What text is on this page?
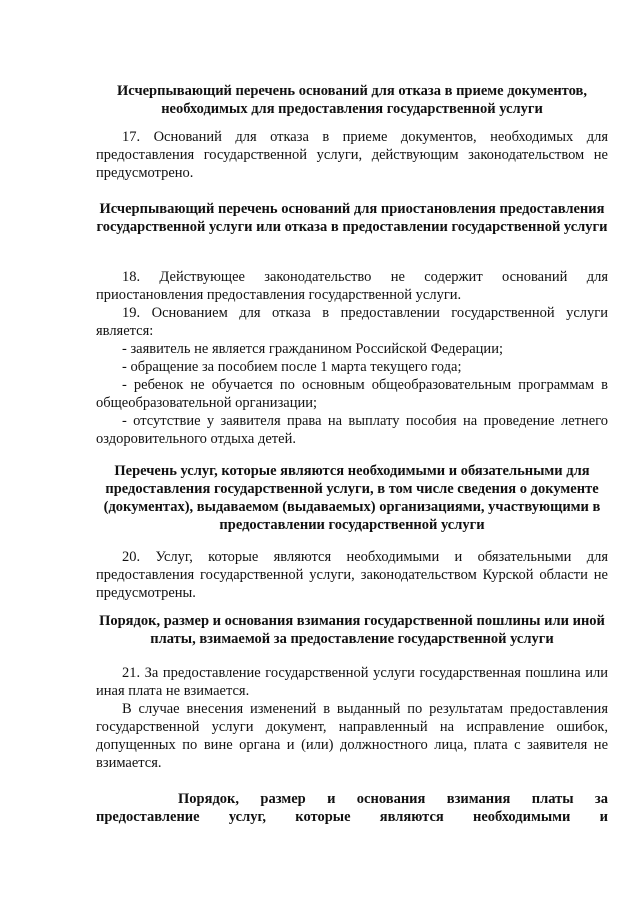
Исчерпывающий перечень оснований для отказа в приеме документов, необходимых для предоставления государственной услуги
17. Оснований для отказа в приеме документов, необходимых для предоставления государственной услуги, действующим законодательством не предусмотрено.
Исчерпывающий перечень оснований для приостановления предоставления государственной услуги или отказа в предоставлении государственной услуги
18. Действующее законодательство не содержит оснований для приостановления предоставления государственной услуги.
19. Основанием для отказа в предоставлении государственной услуги является:
- заявитель не является гражданином Российской Федерации;
- обращение за пособием после 1 марта текущего года;
- ребенок не обучается по основным общеобразовательным программам в общеобразовательной организации;
- отсутствие у заявителя права на выплату пособия на проведение летнего оздоровительного отдыха детей.
Перечень услуг, которые являются необходимыми и обязательными для предоставления государственной услуги, в том числе сведения о документе (документах), выдаваемом (выдаваемых) организациями, участвующими в предоставлении государственной услуги
20. Услуг, которые являются необходимыми и обязательными для предоставления государственной услуги, законодательством Курской области не предусмотрены.
Порядок, размер и основания взимания государственной пошлины или иной платы, взимаемой за предоставление государственной услуги
21. За предоставление государственной услуги государственная пошлина или иная плата не взимается.
В случае внесения изменений в выданный по результатам предоставления государственной услуги документ, направленный на исправление ошибок, допущенных по вине органа и (или) должностного лица, плата с заявителя не взимается.
Порядок, размер и основания взимания платы за
предоставление услуг, которые являются необходимыми и
